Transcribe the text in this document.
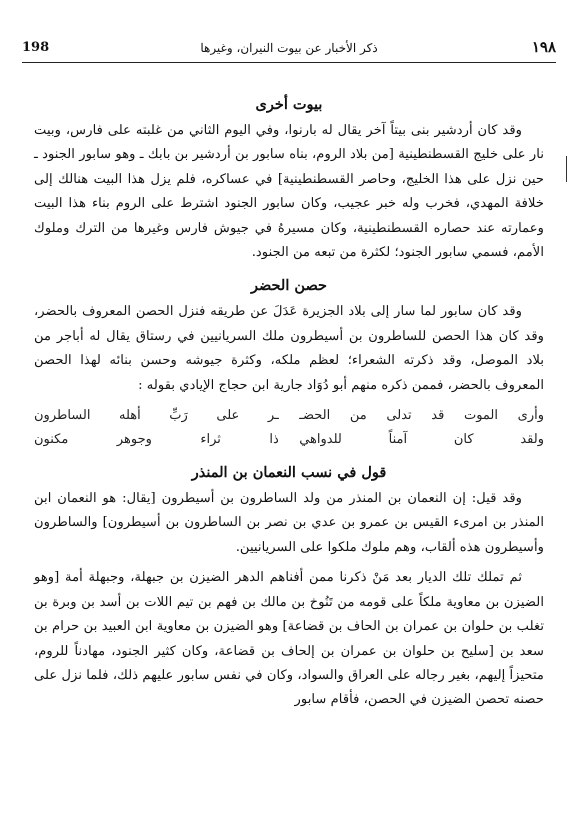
198	ذكر الأخبار عن بيوت النيران، وغيرها	١٩٨
بيوت أخرى

وقد كان أردشير بنى بيتاً آخر يقال له بارنوا، وفي اليوم الثاني من غلبته على فارس، وبيت نار على خليج القسطنطينية [من بلاد الروم، بناه سابور بن أردشير بن بابك ـ وهو سابور الجنود ـ حين نزل على هذا الخليج، وحاصر القسطنطينية] في عساكره، فلم يزل هذا البيت هنالك إلى خلافة المهدي، فخرب وله خبر عجيب، وكان سابور الجنود اشترط على الروم بناء هذا البيت وعمارته عند حصاره القسطنطينية، وكان مسيرهُ في جيوش فارس وغيرها من الترك وملوك الأمم، فسمي سابور الجنود؛ لكثرة من تبعه من الجنود.

حصن الحضر

وقد كان سابور لما سار إلى بلاد الجزيرة عَدَلَ عن طريقه فنزل الحصن المعروف بالحضر، وقد كان هذا الحصن للساطرون بن أسيطرون ملك السريانيين في رستاق يقال له أباجر من بلاد الموصل، وقد ذكرته الشعراء؛ لعظم ملكه، وكثرة جيوشه وحسن بنائه لهذا الحصن المعروف بالحضر، فممن ذكره منهم أبو دُوَاد جارية ابن حجاج الإيادي بقوله :

وأرى الموت قد تدلى من الحضـ
ـر على رَبِّ أهله الساطرون
ولقد كان آمناً للدواهي
ذا ثراء وجوهر مكنون
قول في نسب النعمان بن المنذر

وقد قيل: إن النعمان بن المنذر من ولد الساطرون بن أسيطرون [يقال: هو النعمان ابن المنذر بن امرىء القيس بن عمرو بن عدي بن نصر بن الساطرون بن أسيطرون] والساطرون وأسيطرون هذه ألقاب، وهم ملوك ملكوا على السريانيين.

ثم تملك تلك الديار بعد مَنْ ذكرنا ممن أفناهم الدهر الضيزن بن جبهلة، وجبهلة أمة [وهو الضيزن بن معاوية ملكاً على قومه من تَنُوخ بن مالك بن فهم بن تيم اللات بن أسد بن وبرة بن تغلب بن حلوان بن عمران بن الحاف بن قضاعة] وهو الضيزن بن معاوية ابن العبيد بن حرام بن سعد بن [سليح بن حلوان بن عمران بن إلحاف بن قضاعة، وكان كثير الجنود، مهادناً للروم، متحيزاً إليهم، بغير رجاله على العراق والسواد، وكان في نفس سابور عليهم ذلك، فلما نزل على حصنه تحصن الضيزن في الحصن، فأقام سابور
